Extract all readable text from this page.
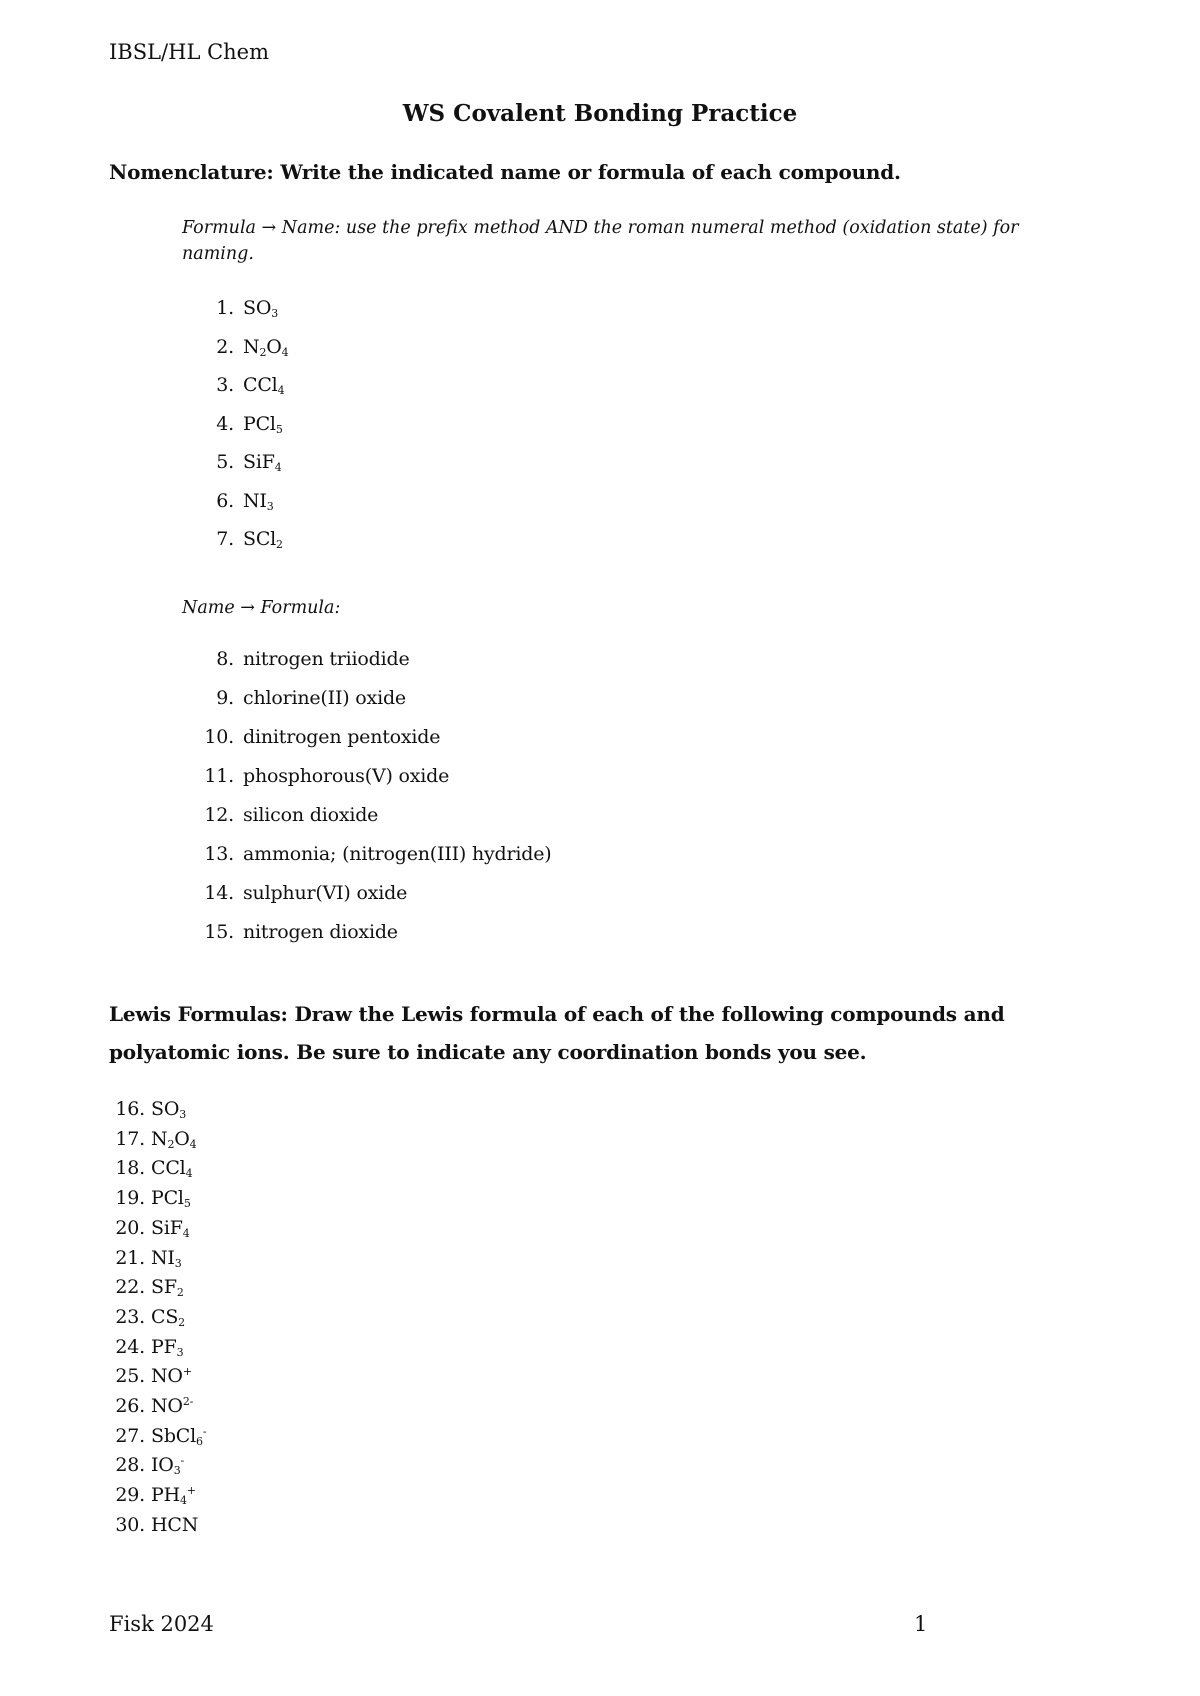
IBSL/HL Chem
WS Covalent Bonding Practice
Nomenclature: Write the indicated name or formula of each compound.
Formula → Name: use the prefix method AND the roman numeral method (oxidation state) for
naming.
1. $SO_3$
2. $N_2O_4$
3. CCl$_4$
4. PCl$_5$
5. SiF$_4$
6. $NI_3$
7. SCl$_2$
Name → Formula:
8. nitrogen triiodide
9. chlorine(II) oxide
10. dinitrogen pentoxide
11. phosphorous(V) oxide
12. silicon dioxide
13. ammonia; (nitrogen(III) hydride)
14. sulphur(VI) oxide
15. nitrogen dioxide
Lewis Formulas: Draw the Lewis formula of each of the following compounds and
polyatomic ions. Be sure to indicate any coordination bonds you see.
16. $SO_3$
17. $N_2O_4$
18. CCl$_4$
19. PCl$_5$
20. SiF$_4$
21. $NI_3$
22. $SF_2$
23. $CS_2$
24. $PF_3$
25. NO+
26. $NO^{2-}$
27. SbCl$_6$-
28. $IO_3^-$
29. $PH_4^+$
30. HCN
Fisk 2024	1
